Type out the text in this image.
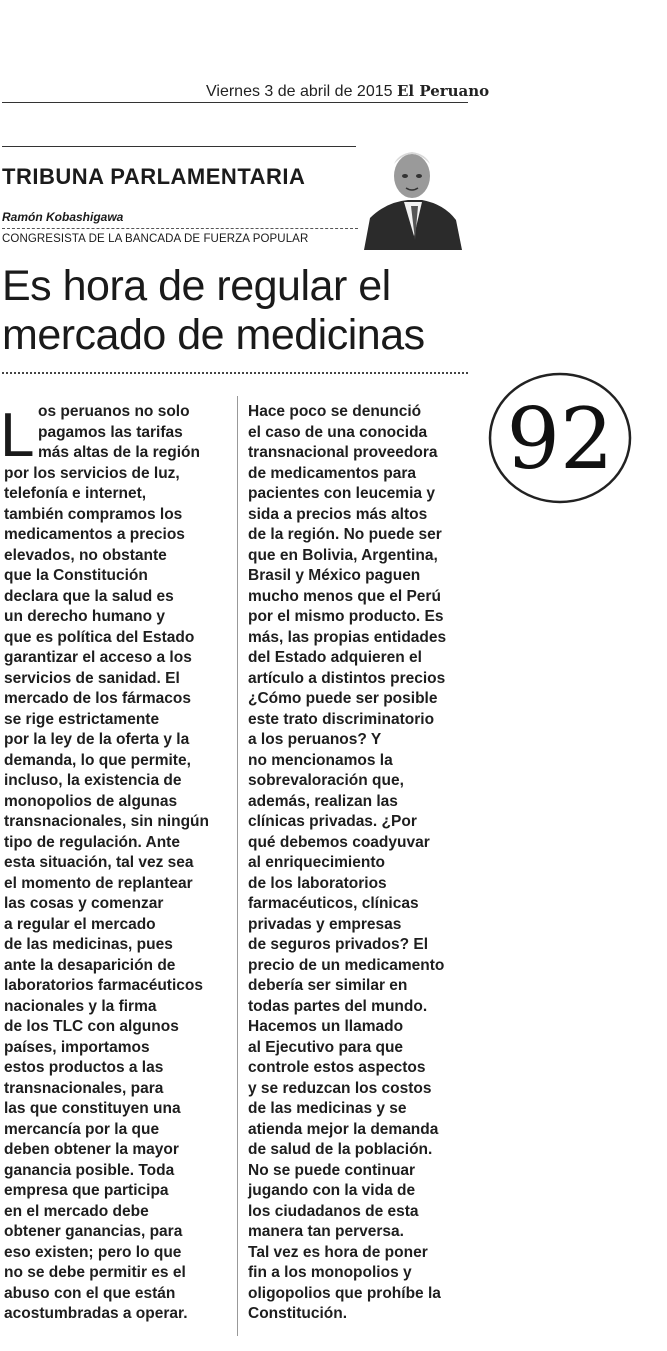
Viernes 3 de abril de 2015 El Peruano
TRIBUNA PARLAMENTARIA
Ramón Kobashigawa
CONGRESISTA DE LA BANCADA DE FUERZA POPULAR
Es hora de regular el
mercado de medicinas
92
L os peruanos no solo
pagamos las tarifas
más altas de la región
por los servicios de luz,
telefonía e internet,
también compramos los
medicamentos a precios
elevados, no obstante
que la Constitución
declara que la salud es
un derecho humano y
que es política del Estado
garantizar el acceso a los
servicios de sanidad. El
mercado de los fármacos
se rige estrictamente
por la ley de la oferta y la
demanda, lo que permite,
incluso, la existencia de
monopolios de algunas
transnacionales, sin ningún
tipo de regulación. Ante
esta situación, tal vez sea
el momento de replantear
las cosas y comenzar
a regular el mercado
de las medicinas, pues
ante la desaparición de
laboratorios farmacéuticos
nacionales y la firma
de los TLC con algunos
países, importamos
estos productos a las
transnacionales, para
las que constituyen una
mercancía por la que
deben obtener la mayor
ganancia posible. Toda
empresa que participa
en el mercado debe
obtener ganancias, para
eso existen; pero lo que
no se debe permitir es el
abuso con el que están
acostumbradas a operar.
Hace poco se denunció
el caso de una conocida
transnacional proveedora
de medicamentos para
pacientes con leucemia y
sida a precios más altos
de la región. No puede ser
que en Bolivia, Argentina,
Brasil y México paguen
mucho menos que el Perú
por el mismo producto. Es
más, las propias entidades
del Estado adquieren el
artículo a distintos precios
¿Cómo puede ser posible
este trato discriminatorio
a los peruanos? Y
no mencionamos la
sobrevaloración que,
además, realizan las
clínicas privadas. ¿Por
qué debemos coadyuvar
al enriquecimiento
de los laboratorios
farmacéuticos, clínicas
privadas y empresas
de seguros privados? El
precio de un medicamento
debería ser similar en
todas partes del mundo.
Hacemos un llamado
al Ejecutivo para que
controle estos aspectos
y se reduzcan los costos
de las medicinas y se
atienda mejor la demanda
de salud de la población.
No se puede continuar
jugando con la vida de
los ciudadanos de esta
manera tan perversa.
Tal vez es hora de poner
fin a los monopolios y
oligopolios que prohíbe la
Constitución.
